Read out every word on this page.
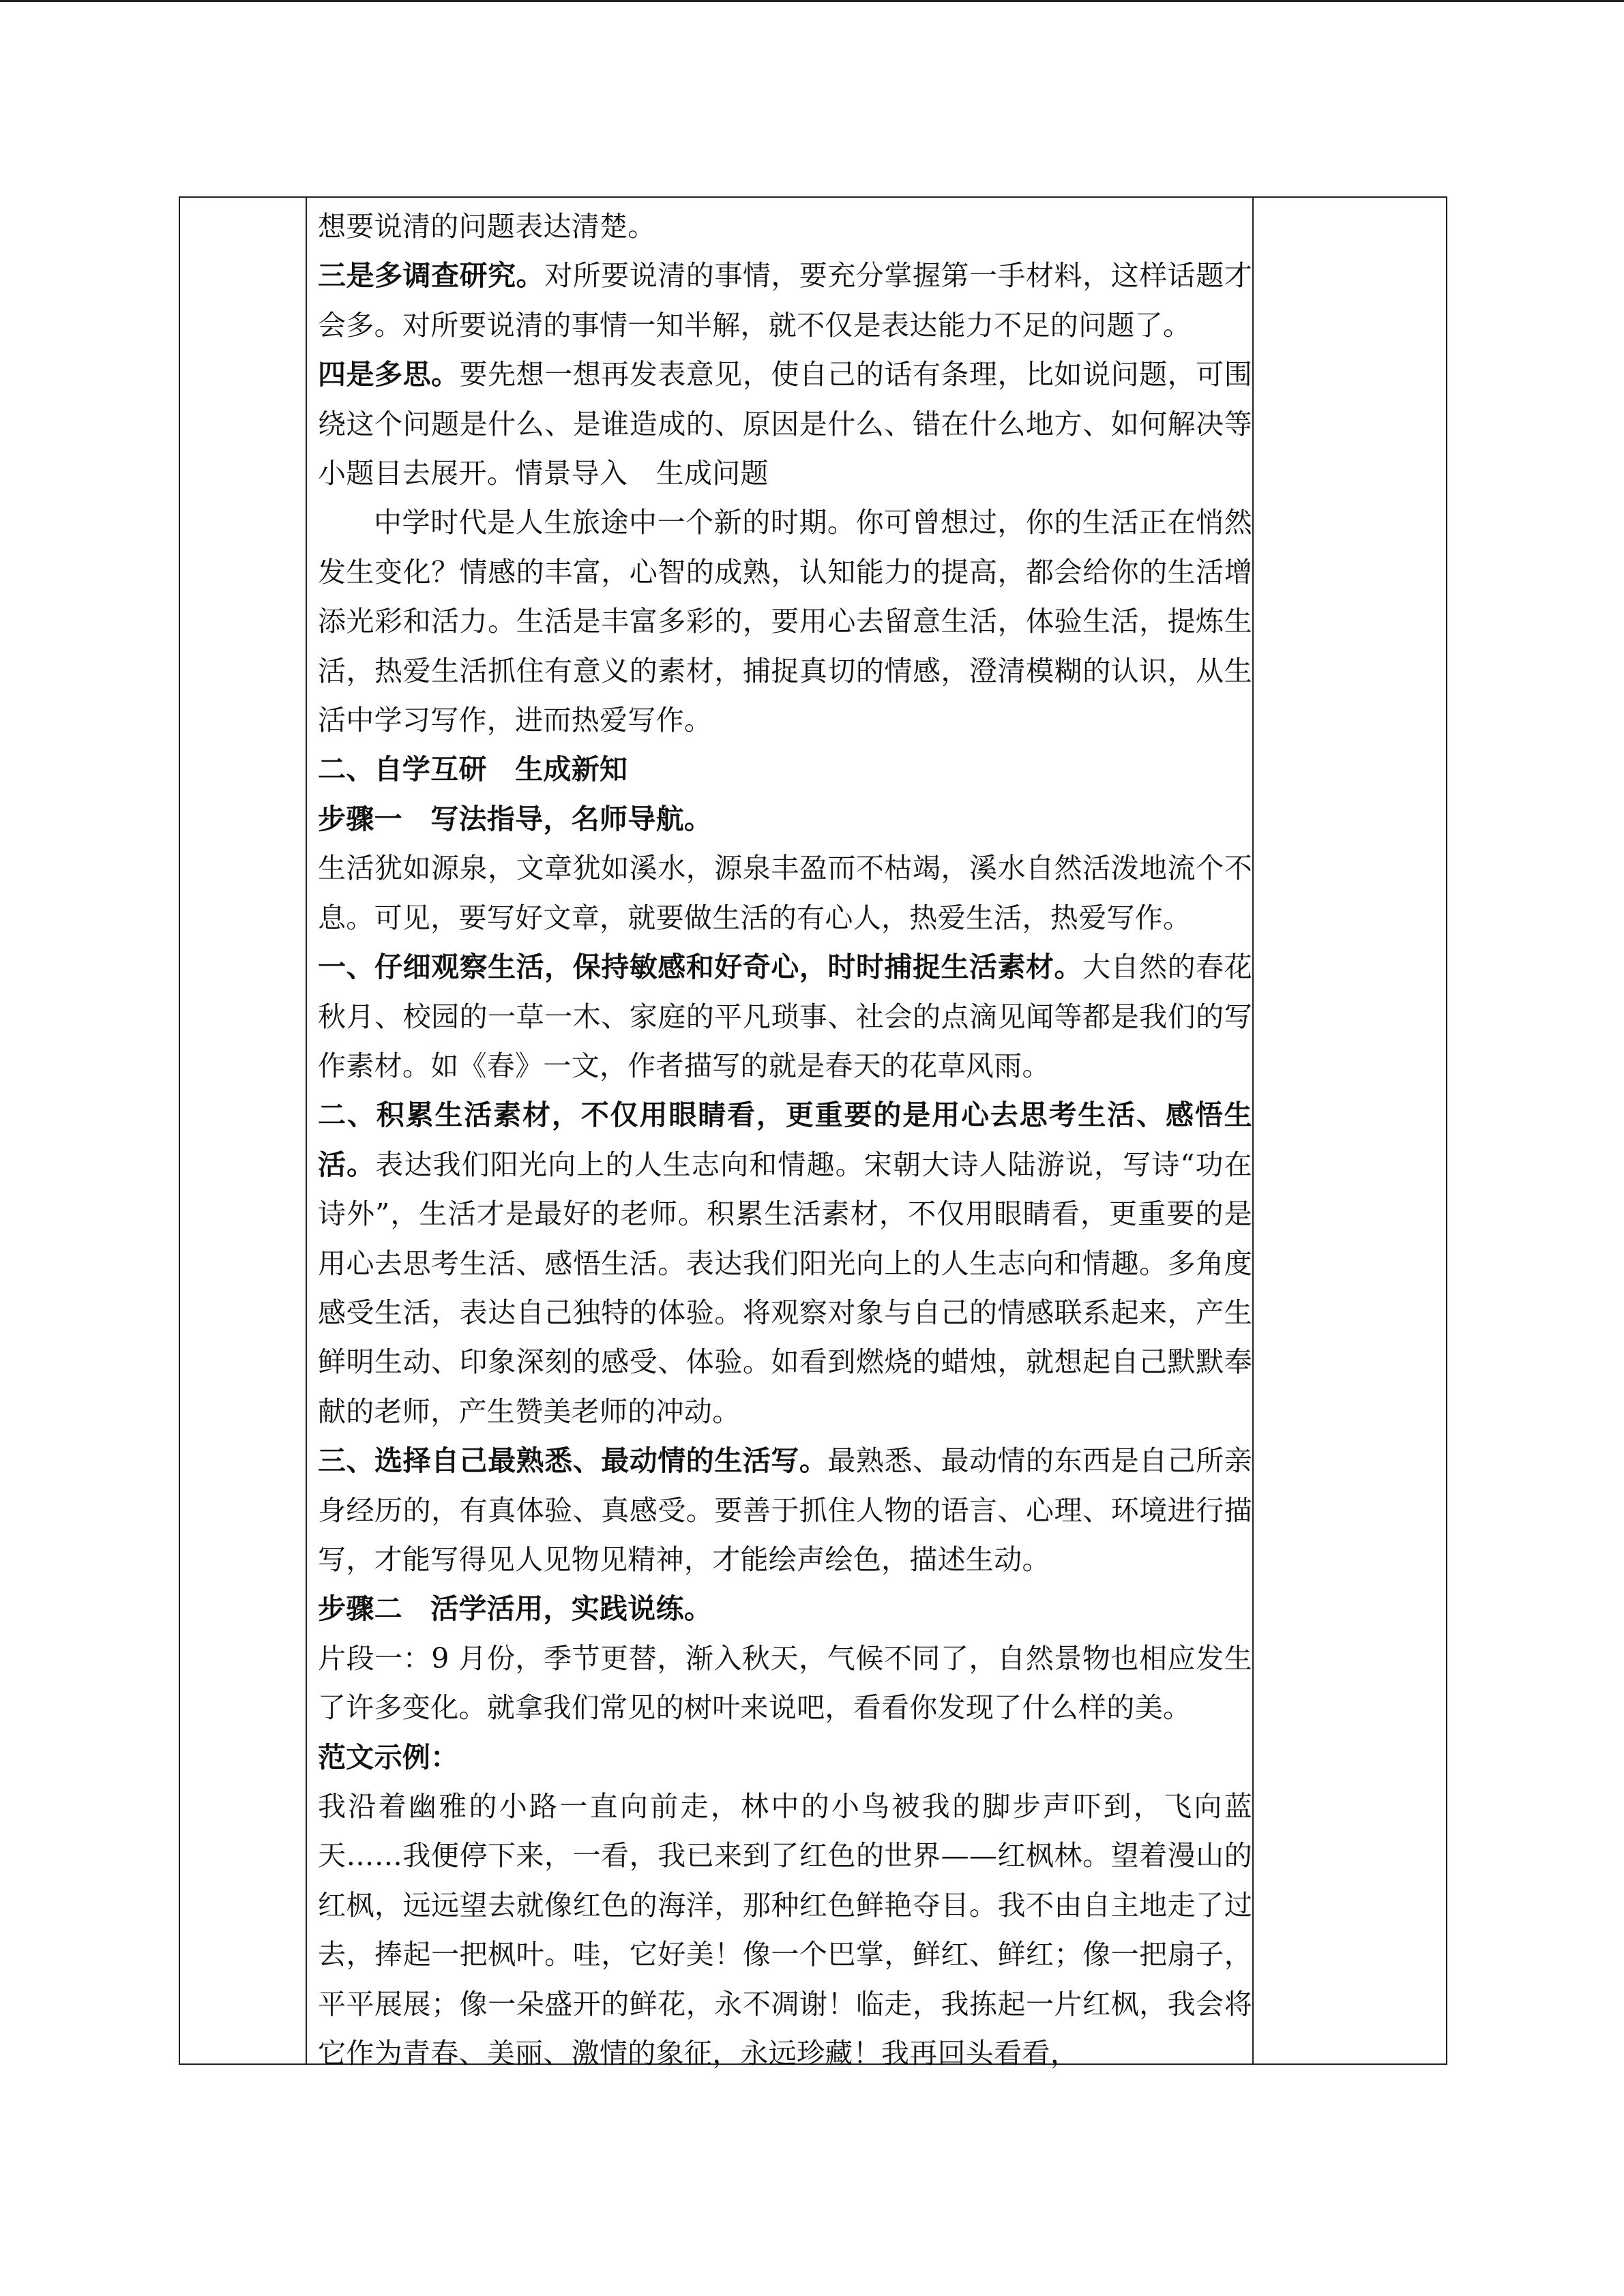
想要说清的问题表达清楚。

三是多调查研究。对所要说清的事情，要充分掌握第一手材料，这样话题才会多。对所要说清的事情一知半解，就不仅是表达能力不足的问题了。

四是多思。要先想一想再发表意见，使自己的话有条理，比如说问题，可围绕这个问题是什么、是谁造成的、原因是什么、错在什么地方、如何解决等小题目去展开。情景导入　生成问题

中学时代是人生旅途中一个新的时期。你可曾想过，你的生活正在悄然发生变化？情感的丰富，心智的成熟，认知能力的提高，都会给你的生活增添光彩和活力。生活是丰富多彩的，要用心去留意生活，体验生活，提炼生活，热爱生活抓住有意义的素材，捕捉真切的情感，澄清模糊的认识，从生活中学习写作，进而热爱写作。

二、自学互研　生成新知

步骤一　写法指导，名师导航。

生活犹如源泉，文章犹如溪水，源泉丰盈而不枯竭，溪水自然活泼地流个不息。可见，要写好文章，就要做生活的有心人，热爱生活，热爱写作。

一、仔细观察生活，保持敏感和好奇心，时时捕捉生活素材。大自然的春花秋月、校园的一草一木、家庭的平凡琐事、社会的点滴见闻等都是我们的写作素材。如《春》一文，作者描写的就是春天的花草风雨。

二、积累生活素材，不仅用眼睛看，更重要的是用心去思考生活、感悟生活。表达我们阳光向上的人生志向和情趣。宋朝大诗人陆游说，写诗“功在诗外”，生活才是最好的老师。积累生活素材，不仅用眼睛看，更重要的是用心去思考生活、感悟生活。表达我们阳光向上的人生志向和情趣。多角度感受生活，表达自己独特的体验。将观察对象与自己的情感联系起来，产生鲜明生动、印象深刻的感受、体验。如看到燃烧的蜡烛，就想起自己默默奉献的老师，产生赞美老师的冲动。

三、选择自己最熟悉、最动情的生活写。最熟悉、最动情的东西是自己所亲身经历的，有真体验、真感受。要善于抓住人物的语言、心理、环境进行描写，才能写得见人见物见精神，才能绘声绘色，描述生动。

步骤二　活学活用，实践说练。

片段一：9 月份，季节更替，渐入秋天，气候不同了，自然景物也相应发生了许多变化。就拿我们常见的树叶来说吧，看看你发现了什么样的美。

范文示例：

我沿着幽雅的小路一直向前走，林中的小鸟被我的脚步声吓到，飞向蓝天……我便停下来，一看，我已来到了红色的世界——红枫林。望着漫山的红枫，远远望去就像红色的海洋，那种红色鲜艳夺目。我不由自主地走了过去，捧起一把枫叶。哇，它好美！像一个巴掌，鲜红、鲜红；像一把扇子，平平展展；像一朵盛开的鲜花，永不凋谢！临走，我拣起一片红枫，我会将它作为青春、美丽、激情的象征，永远珍藏！我再回头看看，
